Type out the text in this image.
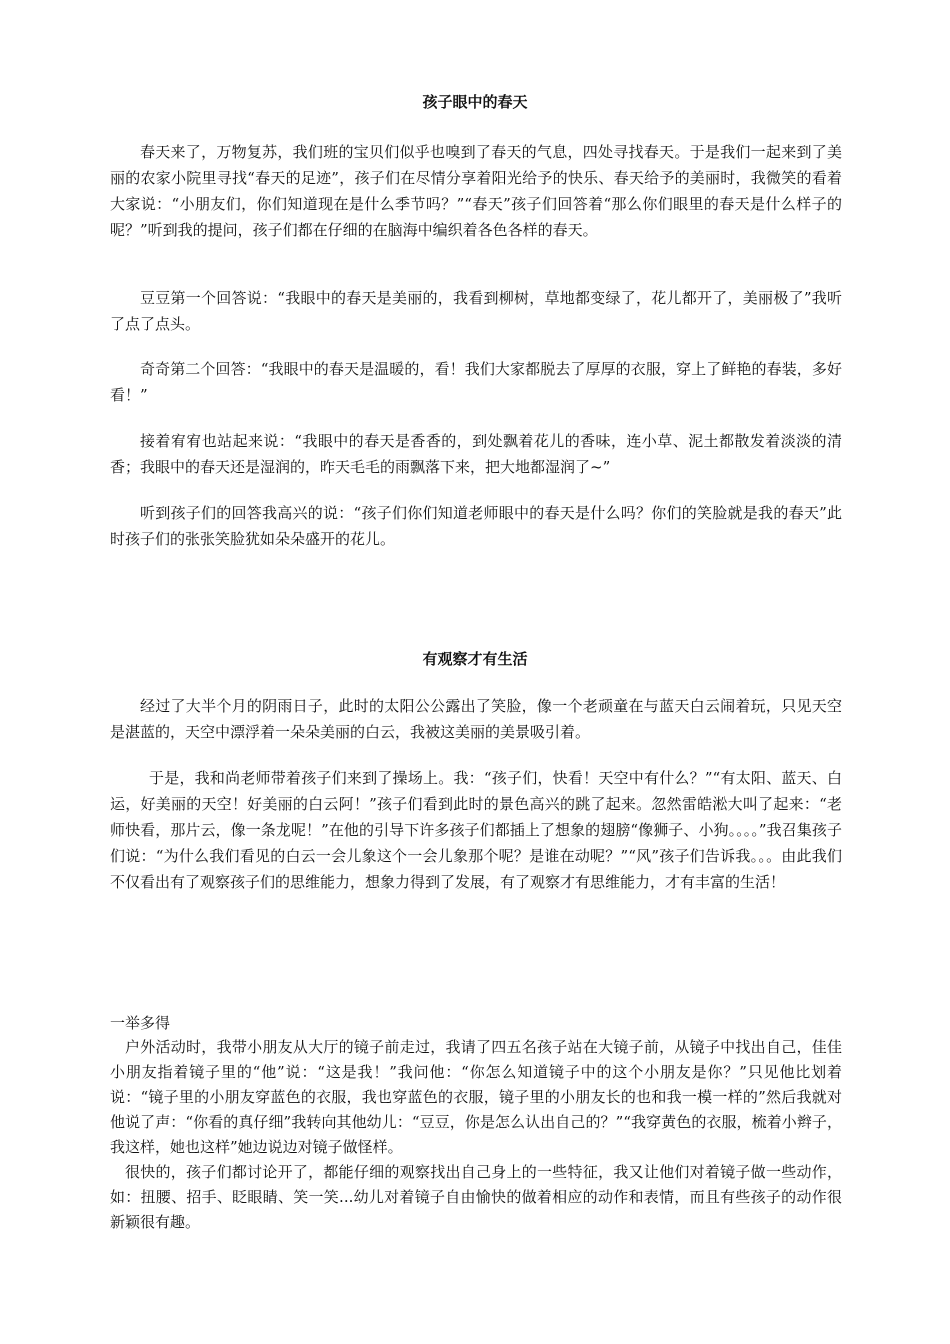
孩子眼中的春天

春天来了，万物复苏，我们班的宝贝们似乎也嗅到了春天的气息，四处寻找春天。于是我们一起来到了美丽的农家小院里寻找“春天的足迹”，孩子们在尽情分享着阳光给予的快乐、春天给予的美丽时，我微笑的看着大家说：“小朋友们，你们知道现在是什么季节吗？”“春天”孩子们回答着“那么你们眼里的春天是什么样子的呢？”听到我的提问，孩子们都在仔细的在脑海中编织着各色各样的春天。

豆豆第一个回答说：“我眼中的春天是美丽的，我看到柳树，草地都变绿了，花儿都开了，美丽极了”我听了点了点头。

奇奇第二个回答：“我眼中的春天是温暖的，看！我们大家都脱去了厚厚的衣服，穿上了鲜艳的春装，多好看！”

接着宥宥也站起来说：“我眼中的春天是香香的，到处飘着花儿的香味，连小草、泥土都散发着淡淡的清香；我眼中的春天还是湿润的，昨天毛毛的雨飘落下来，把大地都湿润了~”

听到孩子们的回答我高兴的说：“孩子们你们知道老师眼中的春天是什么吗？你们的笑脸就是我的春天”此时孩子们的张张笑脸犹如朵朵盛开的花儿。

有观察才有生活

经过了大半个月的阴雨日子，此时的太阳公公露出了笑脸，像一个老顽童在与蓝天白云闹着玩，只见天空是湛蓝的，天空中漂浮着一朵朵美丽的白云，我被这美丽的美景吸引着。

于是，我和尚老师带着孩子们来到了操场上。我：“孩子们，快看！天空中有什么？”“有太阳、蓝天、白运，好美丽的天空！好美丽的白云阿！”孩子们看到此时的景色高兴的跳了起来。忽然雷皓淞大叫了起来：“老师快看，那片云，像一条龙呢！”在他的引导下许多孩子们都插上了想象的翅膀“像狮子、小狗。。。。”我召集孩子们说：“为什么我们看见的白云一会儿象这个一会儿象那个呢？是谁在动呢？”“风”孩子们告诉我。。。由此我们不仅看出有了观察孩子们的思维能力，想象力得到了发展，有了观察才有思维能力，才有丰富的生活！

一举多得

户外活动时，我带小朋友从大厅的镜子前走过，我请了四五名孩子站在大镜子前，从镜子中找出自己，佳佳小朋友指着镜子里的“他”说：“这是我！”我问他：“你怎么知道镜子中的这个小朋友是你？”只见他比划着说：“镜子里的小朋友穿蓝色的衣服，我也穿蓝色的衣服，镜子里的小朋友长的也和我一模一样的”然后我就对他说了声：“你看的真仔细”我转向其他幼儿：“豆豆，你是怎么认出自己的？”“我穿黄色的衣服，梳着小辫子，我这样，她也这样”她边说边对镜子做怪样。

很快的，孩子们都讨论开了，都能仔细的观察找出自己身上的一些特征，我又让他们对着镜子做一些动作，如：扭腰、招手、眨眼睛、笑一笑...幼儿对着镜子自由愉快的做着相应的动作和表情，而且有些孩子的动作很新颖很有趣。
